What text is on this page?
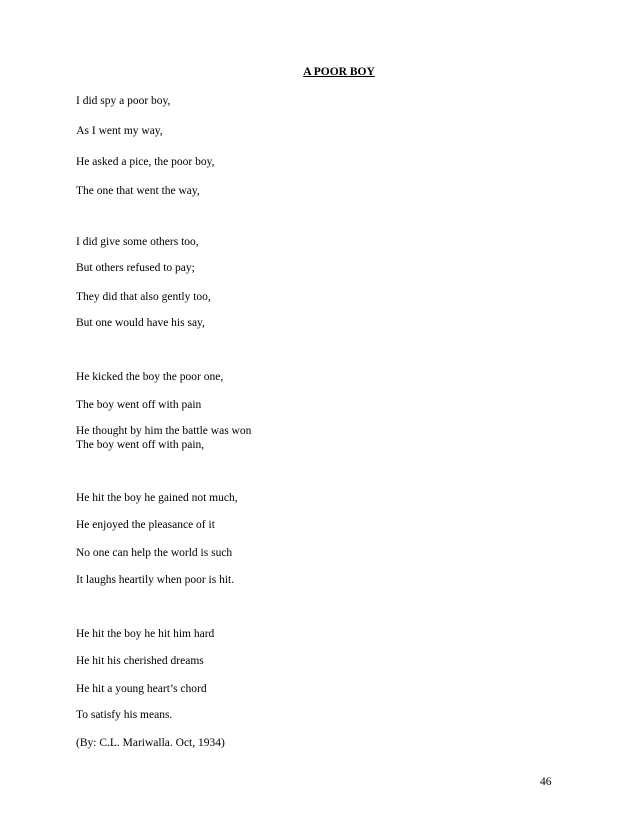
A POOR BOY
I did spy a poor boy,
As I went my way,
He asked a pice, the poor boy,
The one that went the way,
I did give some others too,
But others refused to pay;
They did that also gently too,
But one would have his say,
He kicked the boy the poor one,
The boy went off with pain
He thought by him the battle was won
The boy went off with pain,
He hit the boy he gained not much,
He enjoyed the pleasance of it
No one can help the world is such
It laughs heartily when poor is hit.
He hit the boy he hit him hard
He hit his cherished dreams
He hit a young heart’s chord
To satisfy his means.
(By: C.L. Mariwalla. Oct, 1934)
46
